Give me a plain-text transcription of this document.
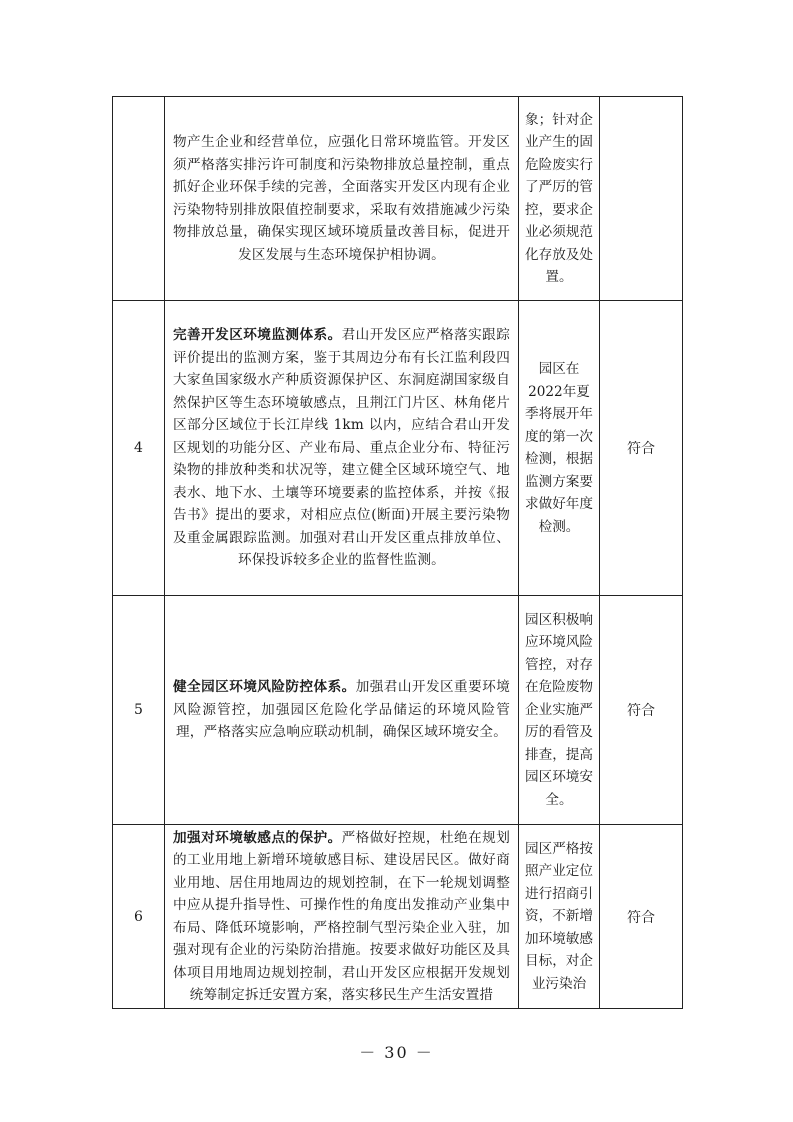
	物产生企业和经营单位，应强化日常环境监管。开发区须严格落实排污许可制度和污染物排放总量控制，重点抓好企业环保手续的完善，全面落实开发区内现有企业污染物特别排放限值控制要求，采取有效措施减少污染物排放总量，确保实现区域环境质量改善目标，促进开发区发展与生态环境保护相协调。	象；针对企业产生的固危险废实行了严厉的管控，要求企业必须规范化存放及处置。	
4	完善开发区环境监测体系。君山开发区应严格落实跟踪评价提出的监测方案，鉴于其周边分布有长江监利段四大家鱼国家级水产种质资源保护区、东洞庭湖国家级自然保护区等生态环境敏感点，且荆江门片区、林角佬片区部分区域位于长江岸线 1km 以内，应结合君山开发区规划的功能分区、产业布局、重点企业分布、特征污染物的排放种类和状况等，建立健全区域环境空气、地表水、地下水、土壤等环境要素的监控体系，并按《报告书》提出的要求，对相应点位(断面)开展主要污染物及重金属跟踪监测。加强对君山开发区重点排放单位、环保投诉较多企业的监督性监测。	园区在2022年夏季将展开年度的第一次检测，根据监测方案要求做好年度检测。	符合
5	健全园区环境风险防控体系。加强君山开发区重要环境风险源管控，加强园区危险化学品储运的环境风险管理，严格落实应急响应联动机制，确保区域环境安全。	园区积极响应环境风险管控，对存在危险废物企业实施严厉的看管及排查，提高园区环境安全。	符合
6	加强对环境敏感点的保护。严格做好控规，杜绝在规划的工业用地上新增环境敏感目标、建设居民区。做好商业用地、居住用地周边的规划控制，在下一轮规划调整中应从提升指导性、可操作性的角度出发推动产业集中布局、降低环境影响，严格控制气型污染企业入驻，加强对现有企业的污染防治措施。按要求做好功能区及具体项目用地周边规划控制，君山开发区应根据开发规划统筹制定拆迁安置方案，落实移民生产生活安置措	园区严格按照产业定位进行招商引资，不新增加环境敏感目标，对企业污染治	符合
－ 30 －
